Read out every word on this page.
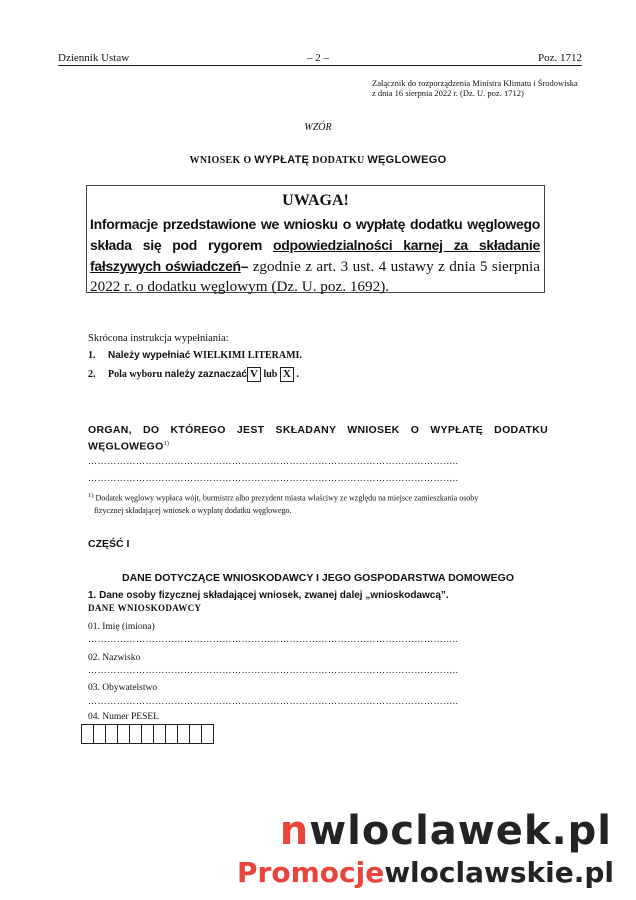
Dziennik Ustaw	– 2 –	Poz. 1712
Załącznik do rozporządzenia Ministra Klimatu i Środowiska
z dnia 16 sierpnia 2022 r. (Dz. U. poz. 1712)
WZÓR
WNIOSEK O WYPŁATĘ DODATKU WĘGLOWEGO
UWAGA!
Informacje przedstawione we wniosku o wypłatę dodatku węglowego składa się pod rygorem odpowiedzialności karnej za składanie fałszywych oświadczeń– zgodnie z art. 3 ust. 4 ustawy z dnia 5 sierpnia 2022 r. o dodatku węglowym (Dz. U. poz. 1692).
Skrócona instrukcja wypełniania:
1. Należy wypełniać WIELKIMI LITERAMI.
2. Pola wyboru należy zaznaczać V lub X .
ORGAN, DO KTÓREGO JEST SKŁADANY WNIOSEK O WYPŁATĘ DODATKU WĘGLOWEGO$^{1)}$
……………………………………………………………………………………………………..
……………………………………………………………………………………………………..
$^{1)}$ Dodatek węglowy wypłaca wójt, burmistrz albo prezydent miasta właściwy ze względu na miejsce zamieszkania osoby
fizycznej składającej wniosek o wypłatę dodatku węglowego.
CZĘŚĆ I
DANE DOTYCZĄCE WNIOSKODAWCY I JEGO GOSPODARSTWA DOMOWEGO
1. Dane osoby fizycznej składającej wniosek, zwanej dalej „wnioskodawcą”.
DANE WNIOSKODAWCY
01. Imię (imiona)
……………………………………………………………………………………………………..
02. Nazwisko
……………………………………………………………………………………………………..
03. Obywatelstwo
……………………………………………………………………………………………………..
04. Numer PESEL
nwloclawek.pl
Promocjewloclawskie.pl
